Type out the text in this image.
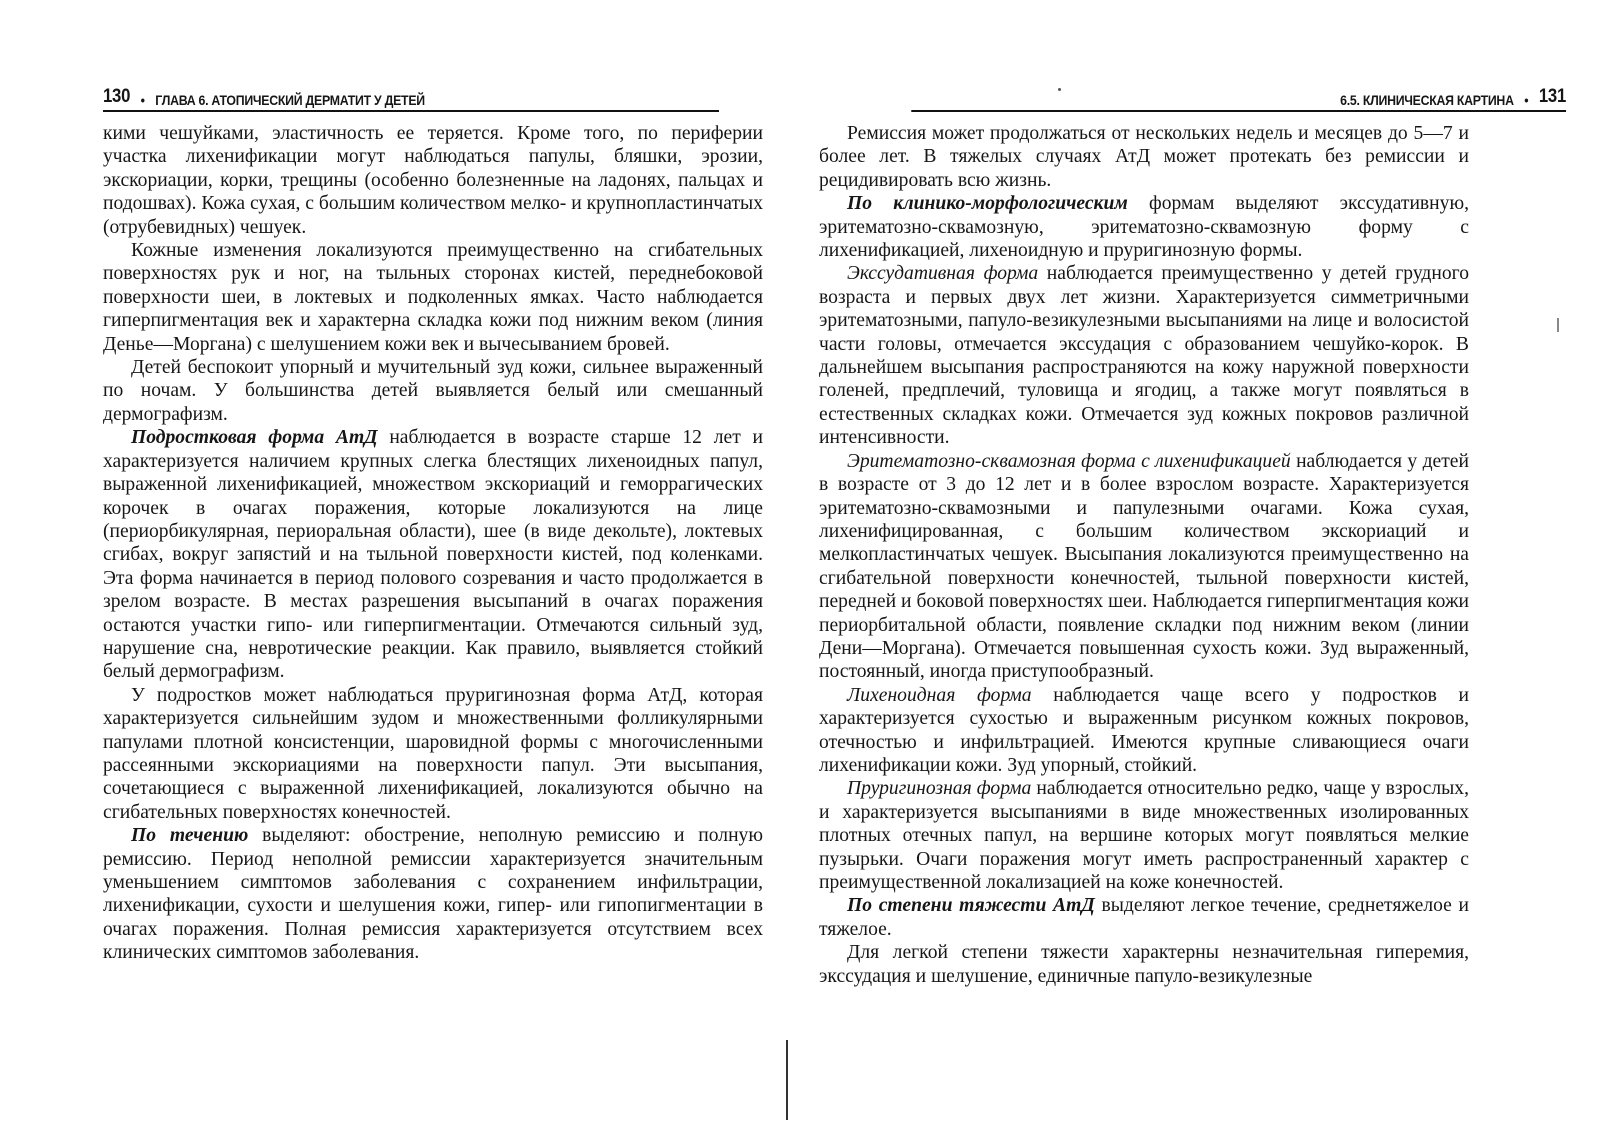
130 • ГЛАВА 6. АТОПИЧЕСКИЙ ДЕРМАТИТ У ДЕТЕЙ

кими чешуйками, эластичность ее теряется. Кроме того, по периферии участка лихенификации могут наблюдаться папулы, бляшки, эрозии, экскориации, корки, трещины (особенно болезненные на ладонях, пальцах и подошвах). Кожа сухая, с большим количеством мелко- и крупнопластинчатых (отрубевидных) чешуек.

Кожные изменения локализуются преимущественно на сгибательных поверхностях рук и ног, на тыльных сторонах кистей, переднебоковой поверхности шеи, в локтевых и подколенных ямках. Часто наблюдается гиперпигментация век и характерна складка кожи под нижним веком (линия Денье—Моргана) с шелушением кожи век и вычесыванием бровей.

Детей беспокоит упорный и мучительный зуд кожи, сильнее выраженный по ночам. У большинства детей выявляется белый или смешанный дермографизм.

Подростковая форма АтД наблюдается в возрасте старше 12 лет и характеризуется наличием крупных слегка блестящих лихеноидных папул, выраженной лихенификацией, множеством экскориаций и геморрагических корочек в очагах поражения, которые локализуются на лице (периорбикулярная, периоральная области), шее (в виде декольте), локтевых сгибах, вокруг запястий и на тыльной поверхности кистей, под коленками. Эта форма начинается в период полового созревания и часто продолжается в зрелом возрасте. В местах разрешения высыпаний в очагах поражения остаются участки гипо- или гиперпигментации. Отмечаются сильный зуд, нарушение сна, невротические реакции. Как правило, выявляется стойкий белый дермографизм.

У подростков может наблюдаться пруригинозная форма АтД, которая характеризуется сильнейшим зудом и множественными фолликулярными папулами плотной консистенции, шаровидной формы с многочисленными рассеянными экскориациями на поверхности папул. Эти высыпания, сочетающиеся с выраженной лихенификацией, локализуются обычно на сгибательных поверхностях конечностей.

По течению выделяют: обострение, неполную ремиссию и полную ремиссию. Период неполной ремиссии характеризуется значительным уменьшением симптомов заболевания с сохранением инфильтрации, лихенификации, сухости и шелушения кожи, гипер- или гипопигментации в очагах поражения. Полная ремиссия характеризуется отсутствием всех клинических симптомов заболевания.

6.5. КЛИНИЧЕСКАЯ КАРТИНА • 131

Ремиссия может продолжаться от нескольких недель и месяцев до 5—7 и более лет. В тяжелых случаях АтД может протекать без ремиссии и рецидивировать всю жизнь.

По клинико-морфологическим формам выделяют экссудативную, эритематозно-сквамозную, эритематозно-сквамозную форму с лихенификацией, лихеноидную и пруригинозную формы.

Экссудативная форма наблюдается преимущественно у детей грудного возраста и первых двух лет жизни. Характеризуется симметричными эритематозными, папуло-везикулезными высыпаниями на лице и волосистой части головы, отмечается экссудация с образованием чешуйко-корок. В дальнейшем высыпания распространяются на кожу наружной поверхности голеней, предплечий, туловища и ягодиц, а также могут появляться в естественных складках кожи. Отмечается зуд кожных покровов различной интенсивности.

Эритематозно-сквамозная форма с лихенификацией наблюдается у детей в возрасте от 3 до 12 лет и в более взрослом возрасте. Характеризуется эритематозно-сквамозными и папулезными очагами. Кожа сухая, лихенифицированная, с большим количеством экскориаций и мелкопластинчатых чешуек. Высыпания локализуются преимущественно на сгибательной поверхности конечностей, тыльной поверхности кистей, передней и боковой поверхностях шеи. Наблюдается гиперпигментация кожи периорбитальной области, появление складки под нижним веком (линии Дени—Моргана). Отмечается повышенная сухость кожи. Зуд выраженный, постоянный, иногда приступообразный.

Лихеноидная форма наблюдается чаще всего у подростков и характеризуется сухостью и выраженным рисунком кожных покровов, отечностью и инфильтрацией. Имеются крупные сливающиеся очаги лихенификации кожи. Зуд упорный, стойкий.

Пруригинозная форма наблюдается относительно редко, чаще у взрослых, и характеризуется высыпаниями в виде множественных изолированных плотных отечных папул, на вершине которых могут появляться мелкие пузырьки. Очаги поражения могут иметь распространенный характер с преимущественной локализацией на коже конечностей.

По степени тяжести АтД выделяют легкое течение, среднетяжелое и тяжелое.

Для легкой степени тяжести характерны незначительная гиперемия, экссудация и шелушение, единичные папуло-везикулезные
